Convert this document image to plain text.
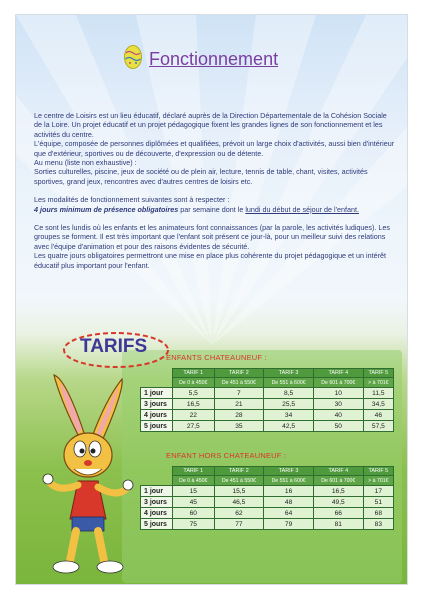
Fonctionnement

Le centre de Loisirs est un lieu éducatif, déclaré auprès de la Direction Départementale de la Cohésion Sociale de la Loire. Un projet éducatif et un projet pédagogique fixent les grandes lignes de son fonctionnement et les activités du centre.

L'équipe, composée de personnes diplômées et qualifiées, prévoit un large choix d'activités, aussi bien d'intérieur que d'extérieur, sportives ou de découverte, d'expression ou de détente.

Au menu (liste non exhaustive) :

Sorties culturelles, piscine, jeux de société ou de plein air, lecture, tennis de table, chant, visites, activités sportives, grand jeux, rencontres avec d'autres centres de loisirs etc.

Les modalités de fonctionnement suivantes sont à respecter :

4 jours minimum de présence obligatoires par semaine dont le lundi du début de séjour de l'enfant.

Ce sont les lundis où les enfants et les animateurs font connaissances (par la parole, les activités ludiques). Les groupes se forment. Il est très important que l'enfant soit présent ce jour-là, pour un meilleur suivi des relations avec l'équipe d'animation et pour des raisons évidentes de sécurité.

Les quatre jours obligatoires permettront une mise en place plus cohérente du projet pédagogique et un intérêt éducatif plus important pour l'enfant.

TARIFS
ENFANTS CHATEAUNEUF :
	TARIF 1	TARIF 2	TARIF 3	TARIF 4	TARIF 5
	De 0 à 450€	De 451 à 550€	De 551 à 600€	De 601 à 700€	> à 701€
1 jour	5,5	7	8,5	10	11,5
3 jours	16,5	21	25,5	30	34,5
4 jours	22	28	34	40	46
5 jours	27,5	35	42,5	50	57,5
ENFANT HORS CHATEAUNEUF :
	TARIF 1	TARIF 2	TARIF 3	TARIF 4	TARIF 5
	De 0 à 450€	De 451 à 550€	De 551 à 600€	De 601 à 700€	> à 701€
1 jour	15	15,5	16	16,5	17
3 jours	45	46,5	48	49,5	51
4 jours	60	62	64	66	68
5 jours	75	77	79	81	83
